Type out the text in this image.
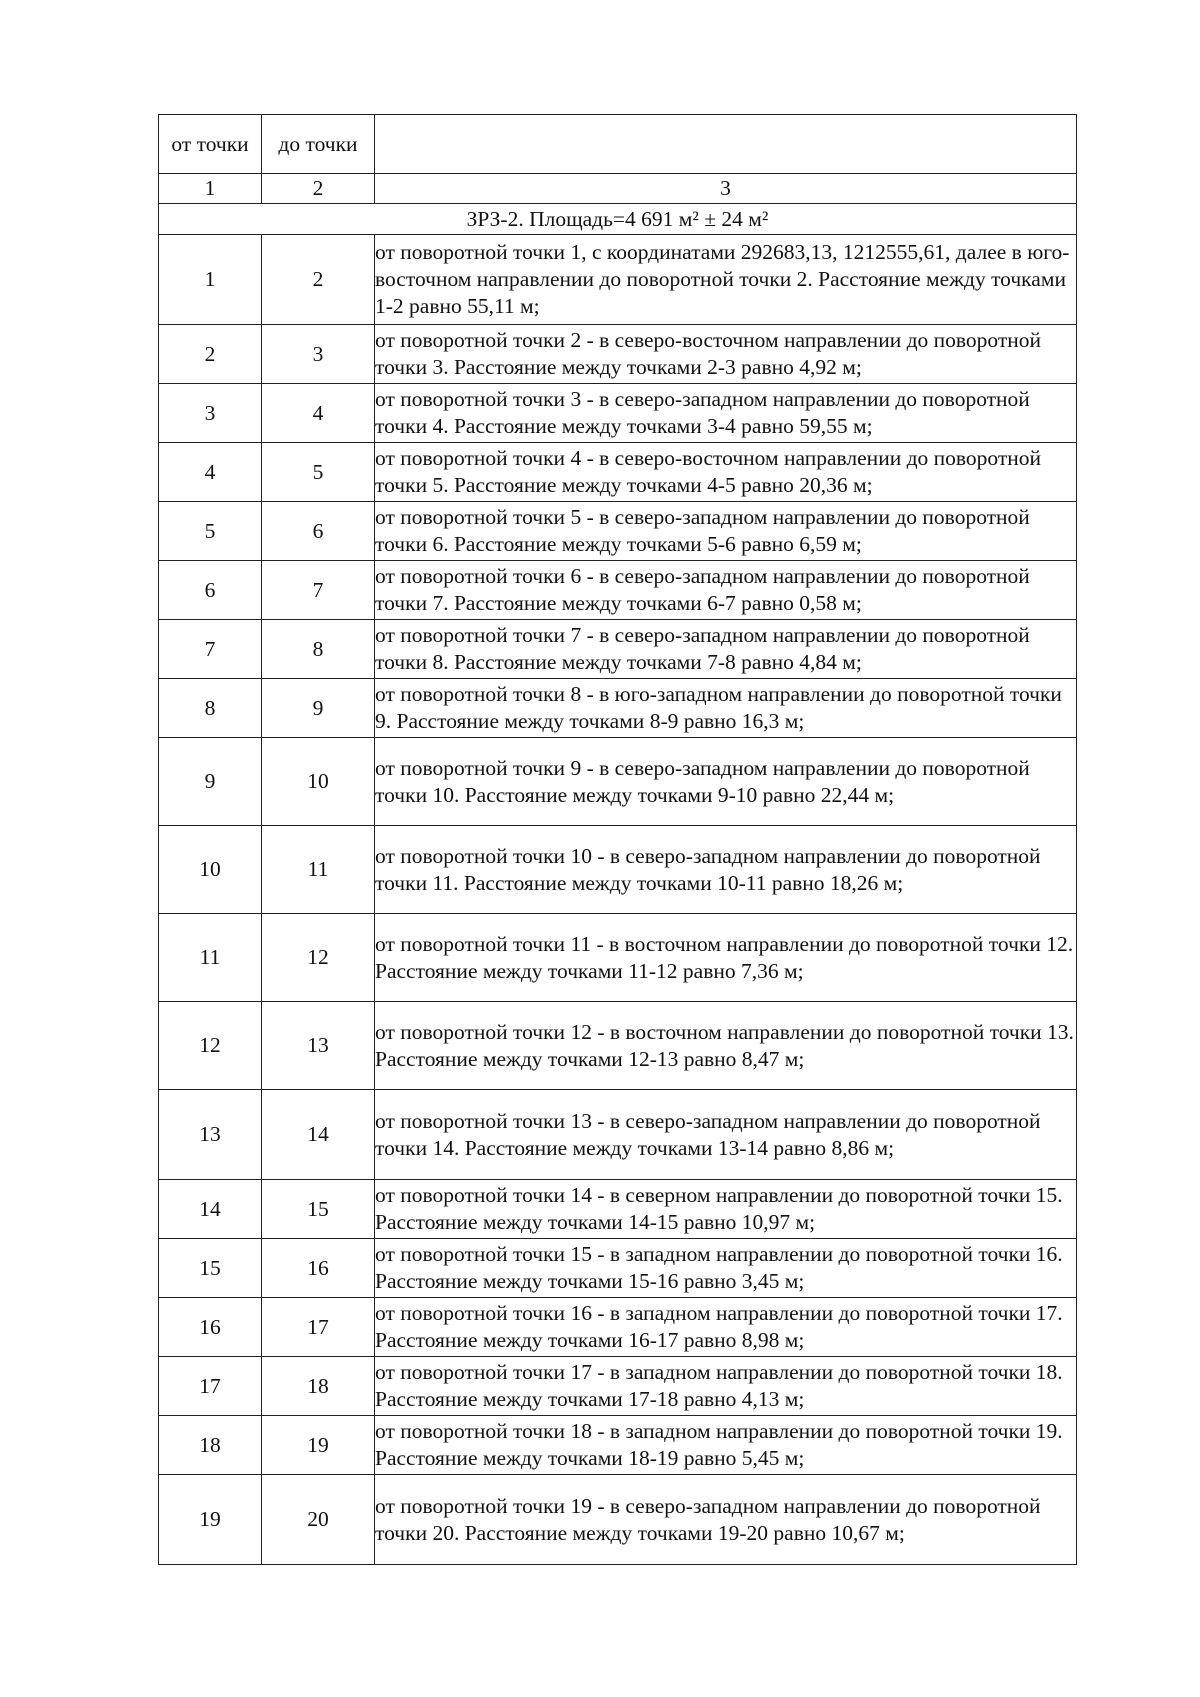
от точки	до точки	
1	2	3
ЗРЗ-2. Площадь=4 691 м² ± 24 м²		
1	2	от поворотной точки 1, с координатами 292683,13, 1212555,61, далее в юго-восточном направлении до поворотной точки 2. Расстояние между точками 1-2 равно 55,11 м;
2	3	от поворотной точки 2 - в северо-восточном направлении до поворотной точки 3. Расстояние между точками 2-3 равно 4,92 м;
3	4	от поворотной точки 3 - в северо-западном направлении до поворотной точки 4. Расстояние между точками 3-4 равно 59,55 м;
4	5	от поворотной точки 4 - в северо-восточном направлении до поворотной точки 5. Расстояние между точками 4-5 равно 20,36 м;
5	6	от поворотной точки 5 - в северо-западном направлении до поворотной точки 6. Расстояние между точками 5-6 равно 6,59 м;
6	7	от поворотной точки 6 - в северо-западном направлении до поворотной точки 7. Расстояние между точками 6-7 равно 0,58 м;
7	8	от поворотной точки 7 - в северо-западном направлении до поворотной точки 8. Расстояние между точками 7-8 равно 4,84 м;
8	9	от поворотной точки 8 - в юго-западном направлении до поворотной точки 9. Расстояние между точками 8-9 равно 16,3 м;
9	10	от поворотной точки 9 - в северо-западном направлении до поворотной точки 10. Расстояние между точками 9-10 равно 22,44 м;
10	11	от поворотной точки 10 - в северо-западном направлении до поворотной точки 11. Расстояние между точками 10-11 равно 18,26 м;
11	12	от поворотной точки 11 - в восточном направлении до поворотной точки 12. Расстояние между точками 11-12 равно 7,36 м;
12	13	от поворотной точки 12 - в восточном направлении до поворотной точки 13. Расстояние между точками 12-13 равно 8,47 м;
13	14	от поворотной точки 13 - в северо-западном направлении до поворотной точки 14. Расстояние между точками 13-14 равно 8,86 м;
14	15	от поворотной точки 14 - в северном направлении до поворотной точки 15. Расстояние между точками 14-15 равно 10,97 м;
15	16	от поворотной точки 15 - в западном направлении до поворотной точки 16. Расстояние между точками 15-16 равно 3,45 м;
16	17	от поворотной точки 16 - в западном направлении до поворотной точки 17. Расстояние между точками 16-17 равно 8,98 м;
17	18	от поворотной точки 17 - в западном направлении до поворотной точки 18. Расстояние между точками 17-18 равно 4,13 м;
18	19	от поворотной точки 18 - в западном направлении до поворотной точки 19. Расстояние между точками 18-19 равно 5,45 м;
19	20	от поворотной точки 19 - в северо-западном направлении до поворотной точки 20. Расстояние между точками 19-20 равно 10,67 м;
